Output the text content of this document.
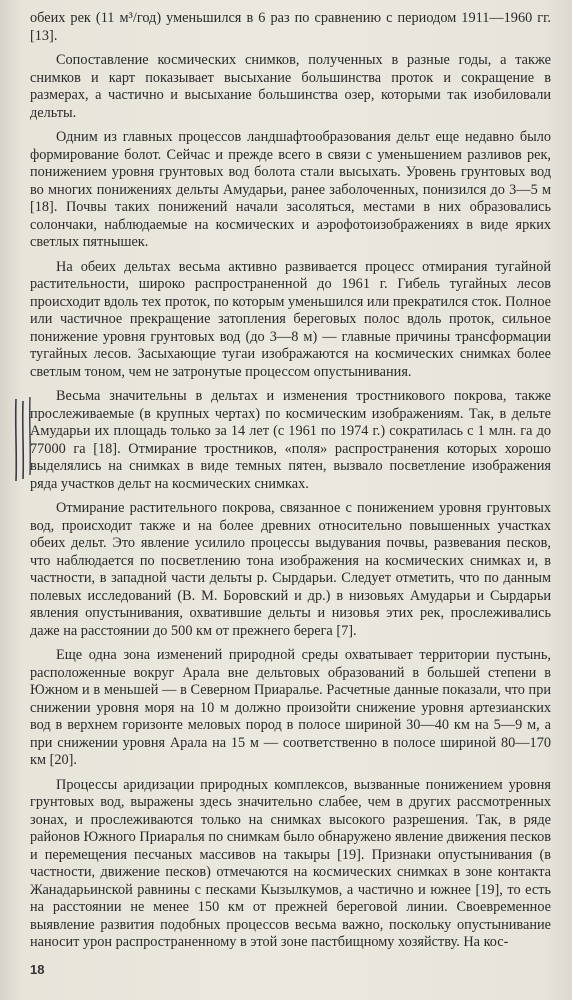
обеих рек (11 м³/год) уменьшился в 6 раз по сравнению с периодом 1911—1960 гг. [13].

Сопоставление космических снимков, полученных в разные годы, а также снимков и карт показывает высыхание большинства проток и сокращение в размерах, а частично и высыхание большинства озер, которыми так изобиловали дельты.

Одним из главных процессов ландшафтообразования дельт еще недавно было формирование болот. Сейчас и прежде всего в связи с уменьшением разливов рек, понижением уровня грунтовых вод болота стали высыхать. Уровень грунтовых вод во многих понижениях дельты Амударьи, ранее заболоченных, понизился до 3—5 м [18]. Почвы таких понижений начали засоляться, местами в них образовались солончаки, наблюдаемые на космических и аэрофотоизображениях в виде ярких светлых пятнышек.

На обеих дельтах весьма активно развивается процесс отмирания тугайной растительности, широко распространенной до 1961 г. Гибель тугайных лесов происходит вдоль тех проток, по которым уменьшился или прекратился сток. Полное или частичное прекращение затопления береговых полос вдоль проток, сильное понижение уровня грунтовых вод (до 3—8 м) — главные причины трансформации тугайных лесов. Засыхающие тугаи изображаются на космических снимках более светлым тоном, чем не затронутые процессом опустынивания.

Весьма значительны в дельтах и изменения тростникового покрова, также прослеживаемые (в крупных чертах) по космическим изображениям. Так, в дельте Амударьи их площадь только за 14 лет (с 1961 по 1974 г.) сократилась с 1 млн. га до 77000 га [18]. Отмирание тростников, «поля» распространения которых хорошо выделялись на снимках в виде темных пятен, вызвало посветление изображения ряда участков дельт на космических снимках.

Отмирание растительного покрова, связанное с понижением уровня грунтовых вод, происходит также и на более древних относительно повышенных участках обеих дельт. Это явление усилило процессы выдувания почвы, развевания песков, что наблюдается по посветлению тона изображения на космических снимках и, в частности, в западной части дельты р. Сырдарьи. Следует отметить, что по данным полевых исследований (В. М. Боровский и др.) в низовьях Амударьи и Сырдарьи явления опустынивания, охватившие дельты и низовья этих рек, прослеживались даже на расстоянии до 500 км от прежнего берега [7].

Еще одна зона изменений природной среды охватывает территории пустынь, расположенные вокруг Арала вне дельтовых образований в большей степени в Южном и в меньшей — в Северном Приаралье. Расчетные данные показали, что при снижении уровня моря на 10 м должно произойти снижение уровня артезианских вод в верхнем горизонте меловых пород в полосе шириной 30—40 км на 5—9 м, а при снижении уровня Арала на 15 м — соответственно в полосе шириной 80—170 км [20].

Процессы аридизации природных комплексов, вызванные понижением уровня грунтовых вод, выражены здесь значительно слабее, чем в других рассмотренных зонах, и прослеживаются только на снимках высокого разрешения. Так, в ряде районов Южного Приаралья по снимкам было обнаружено явление движения песков и перемещения песчаных массивов на такыры [19]. Признаки опустынивания (в частности, движение песков) отмечаются на космических снимках в зоне контакта Жанадарьинской равнины с песками Кызылкумов, а частично и южнее [19], то есть на расстоянии не менее 150 км от прежней береговой линии. Своевременное выявление развития подобных процессов весьма важно, поскольку опустынивание наносит урон распространенному в этой зоне пастбищному хозяйству. На кос-

18
